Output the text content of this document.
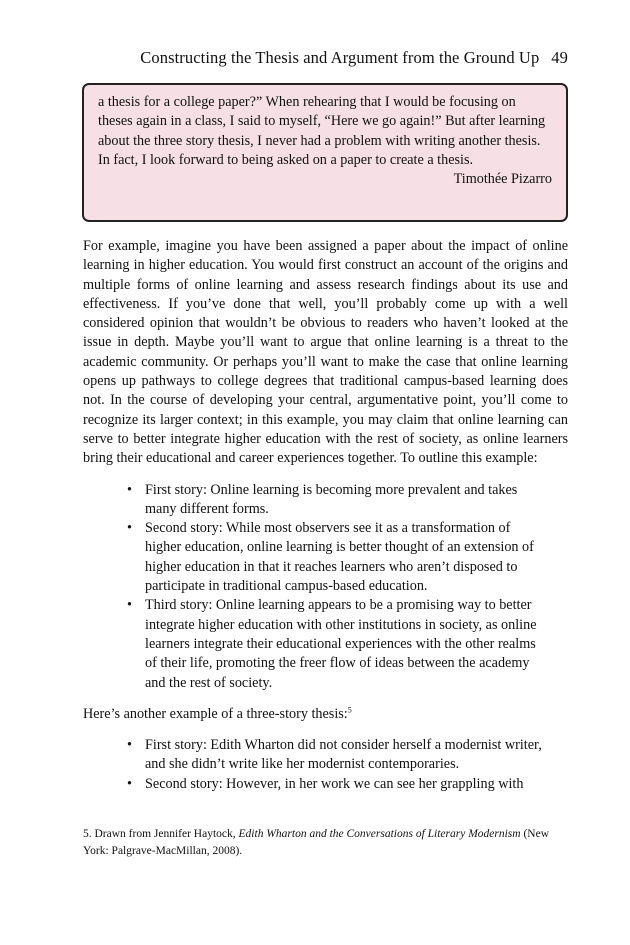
Constructing the Thesis and Argument from the Ground Up 49

a thesis for a college paper?” When rehearing that I would be focusing on theses again in a class, I said to myself, “Here we go again!” But after learning about the three story thesis, I never had a problem with writing another thesis. In fact, I look forward to being asked on a paper to create a thesis.

Timothée Pizarro

For example, imagine you have been assigned a paper about the impact of online learning in higher education. You would first construct an account of the origins and multiple forms of online learning and assess research findings about its use and effectiveness. If you’ve done that well, you’ll probably come up with a well considered opinion that wouldn’t be obvious to readers who haven’t looked at the issue in depth. Maybe you’ll want to argue that online learning is a threat to the academic community. Or perhaps you’ll want to make the case that online learning opens up pathways to college degrees that traditional campus-based learning does not. In the course of developing your central, argumentative point, you’ll come to recognize its larger context; in this example, you may claim that online learning can serve to better integrate higher education with the rest of society, as online learners bring their educational and career experiences together. To outline this example:

• First story: Online learning is becoming more prevalent and takes many different forms.
• Second story: While most observers see it as a transformation of higher education, online learning is better thought of an extension of higher education in that it reaches learners who aren’t disposed to participate in traditional campus-based education.
• Third story: Online learning appears to be a promising way to better integrate higher education with other institutions in society, as online learners integrate their educational experiences with the other realms of their life, promoting the freer flow of ideas between the academy and the rest of society.

Here’s another example of a three-story thesis:$^5$

• First story: Edith Wharton did not consider herself a modernist writer, and she didn’t write like her modernist contemporaries.
• Second story: However, in her work we can see her grappling with
5. Drawn from Jennifer Haytock, Edith Wharton and the Conversations of Literary Modernism (New York: Palgrave-MacMillan, 2008).
